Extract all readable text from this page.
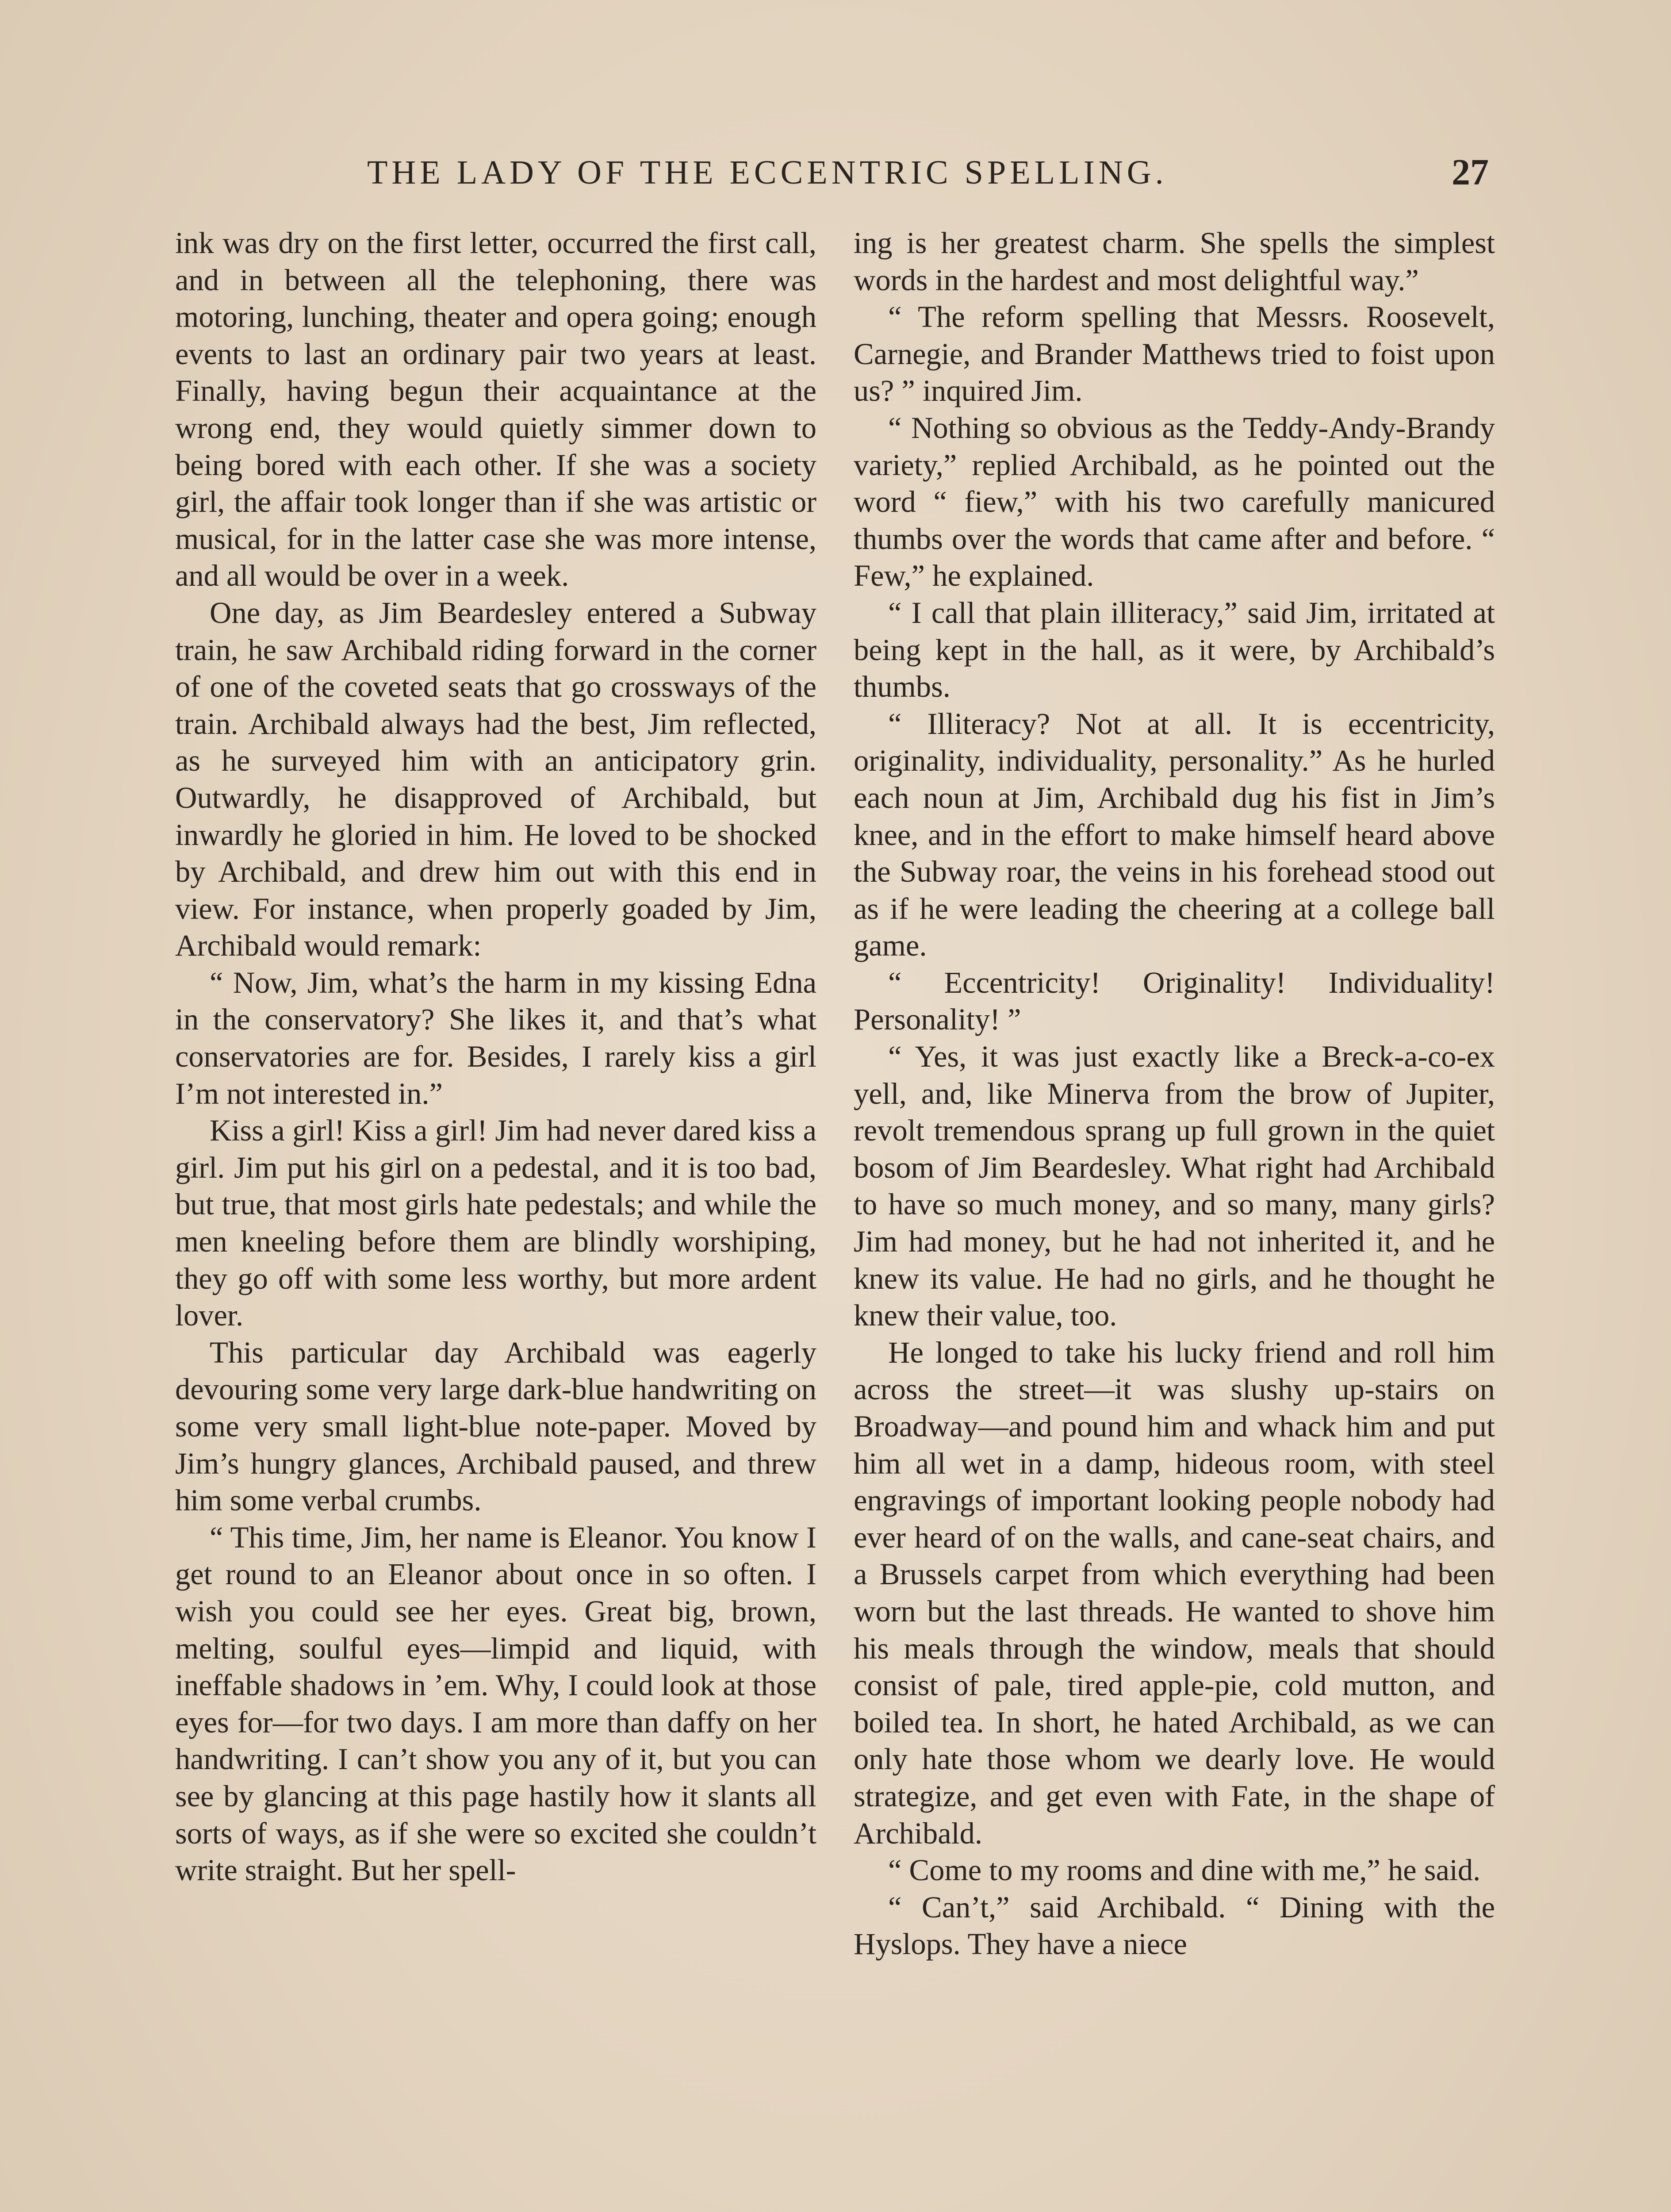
THE LADY OF THE ECCENTRIC SPELLING.	27

ink was dry on the first letter, occurred the first call, and in between all the telephoning, there was motoring, lunching, theater and opera going; enough events to last an ordinary pair two years at least. Finally, having begun their acquaintance at the wrong end, they would quietly simmer down to being bored with each other. If she was a society girl, the affair took longer than if she was artistic or musical, for in the latter case she was more intense, and all would be over in a week.

One day, as Jim Beardesley entered a Subway train, he saw Archibald riding forward in the corner of one of the coveted seats that go crossways of the train. Archibald always had the best, Jim reflected, as he surveyed him with an anticipatory grin. Outwardly, he disapproved of Archibald, but inwardly he gloried in him. He loved to be shocked by Archibald, and drew him out with this end in view. For instance, when properly goaded by Jim, Archibald would remark:

“ Now, Jim, what’s the harm in my kissing Edna in the conservatory? She likes it, and that’s what conservatories are for. Besides, I rarely kiss a girl I’m not interested in.”

Kiss a girl! Kiss a girl! Jim had never dared kiss a girl. Jim put his girl on a pedestal, and it is too bad, but true, that most girls hate pedestals; and while the men kneeling before them are blindly worshiping, they go off with some less worthy, but more ardent lover.

This particular day Archibald was eagerly devouring some very large dark-blue handwriting on some very small light-blue note-paper. Moved by Jim’s hungry glances, Archibald paused, and threw him some verbal crumbs.

“ This time, Jim, her name is Eleanor. You know I get round to an Eleanor about once in so often. I wish you could see her eyes. Great big, brown, melting, soulful eyes—limpid and liquid, with ineffable shadows in ’em. Why, I could look at those eyes for—for two days. I am more than daffy on her handwriting. I can’t show you any of it, but you can see by glancing at this page hastily how it slants all sorts of ways, as if she were so excited she couldn’t write straight. But her spell-

ing is her greatest charm. She spells the simplest words in the hardest and most delightful way.”

“ The reform spelling that Messrs. Roosevelt, Carnegie, and Brander Matthews tried to foist upon us? ” inquired Jim.

“ Nothing so obvious as the Teddy-Andy-Brandy variety,” replied Archibald, as he pointed out the word “ fiew,” with his two carefully manicured thumbs over the words that came after and before. “ Few,” he explained.

“ I call that plain illiteracy,” said Jim, irritated at being kept in the hall, as it were, by Archibald’s thumbs.

“ Illiteracy? Not at all. It is eccentricity, originality, individuality, personality.” As he hurled each noun at Jim, Archibald dug his fist in Jim’s knee, and in the effort to make himself heard above the Subway roar, the veins in his forehead stood out as if he were leading the cheering at a college ball game.

“ Eccentricity! Originality! Individuality! Personality! ”

“ Yes, it was just exactly like a Breck-a-co-ex yell, and, like Minerva from the brow of Jupiter, revolt tremendous sprang up full grown in the quiet bosom of Jim Beardesley. What right had Archibald to have so much money, and so many, many girls? Jim had money, but he had not inherited it, and he knew its value. He had no girls, and he thought he knew their value, too.

He longed to take his lucky friend and roll him across the street—it was slushy up-stairs on Broadway—and pound him and whack him and put him all wet in a damp, hideous room, with steel engravings of important looking people nobody had ever heard of on the walls, and cane-seat chairs, and a Brussels carpet from which everything had been worn but the last threads. He wanted to shove him his meals through the window, meals that should consist of pale, tired apple-pie, cold mutton, and boiled tea. In short, he hated Archibald, as we can only hate those whom we dearly love. He would strategize, and get even with Fate, in the shape of Archibald.

“ Come to my rooms and dine with me,” he said.

“ Can’t,” said Archibald. “ Dining with the Hyslops. They have a niece
